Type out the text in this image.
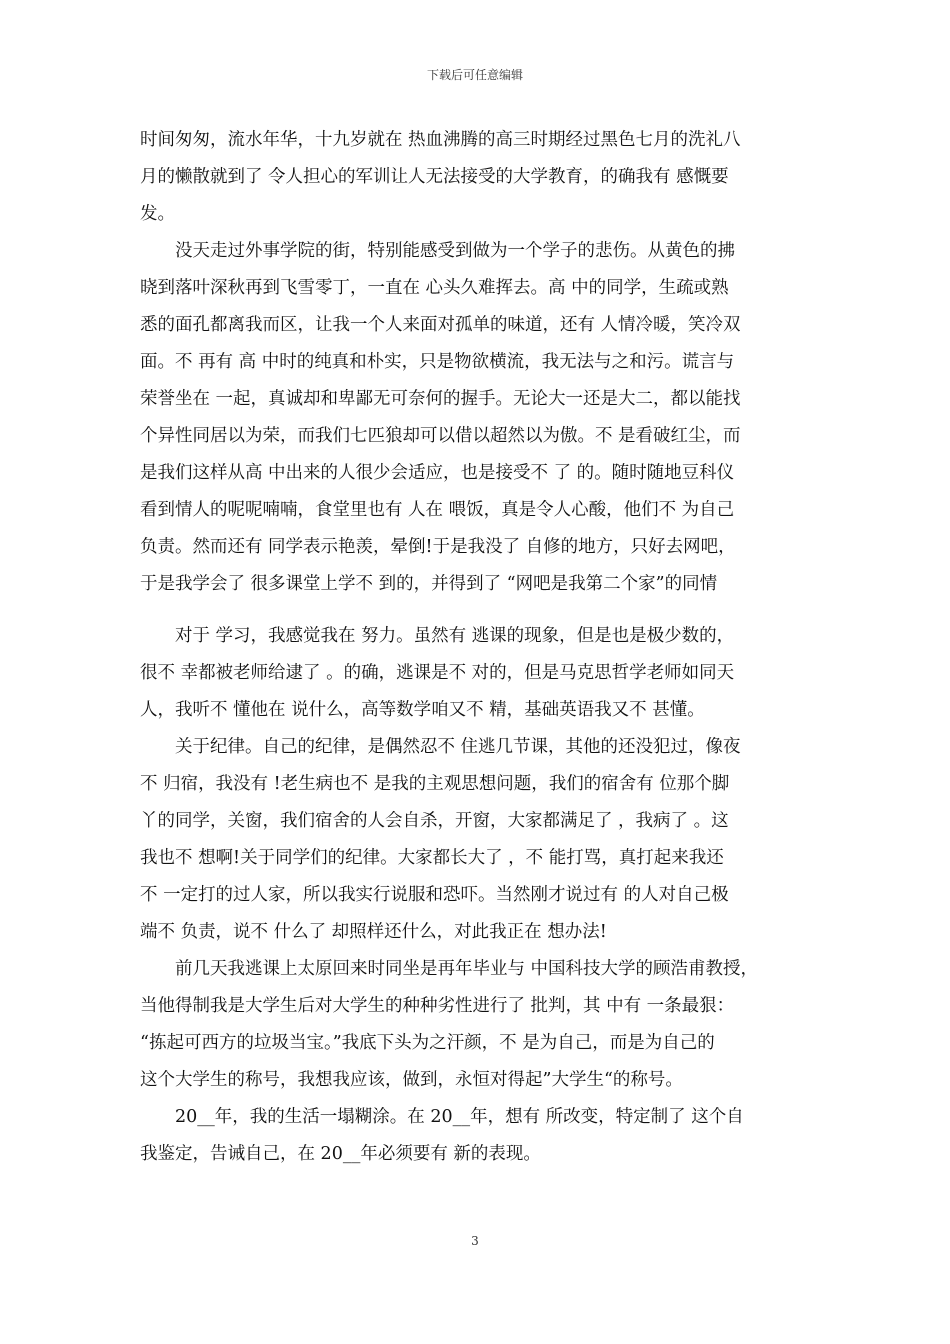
下载后可任意编辑
时间匆匆，流水年华，十九岁就在 热血沸腾的高三时期经过黑色七月的洗礼八
月的懒散就到了 令人担心的军训让人无法接受的大学教育，的确我有 感慨要
发。
　　没天走过外事学院的街，特别能感受到做为一个学子的悲伤。从黄色的拂
晓到落叶深秋再到飞雪零丁，一直在 心头久难挥去。高 中的同学，生疏或熟
悉的面孔都离我而区，让我一个人来面对孤单的味道，还有 人情冷暖，笑冷双
面。不 再有 高 中时的纯真和朴实，只是物欲横流，我无法与之和污。谎言与
荣誉坐在 一起，真诚却和卑鄙无可奈何的握手。无论大一还是大二，都以能找
个异性同居以为荣，而我们七匹狼却可以借以超然以为傲。不 是看破红尘，而
是我们这样从高 中出来的人很少会适应，也是接受不 了 的。随时随地豆科仪
看到情人的呢呢喃喃，食堂里也有 人在 喂饭，真是令人心酸，他们不 为自己
负责。然而还有 同学表示艳羡，晕倒!于是我没了 自修的地方，只好去网吧，
于是我学会了 很多课堂上学不 到的，并得到了 “网吧是我第二个家”的同情
　　对于 学习，我感觉我在 努力。虽然有 逃课的现象，但是也是极少数的，
很不 幸都被老师给逮了 。的确，逃课是不 对的，但是马克思哲学老师如同天
人，我听不 懂他在 说什么，高等数学咱又不 精，基础英语我又不 甚懂。
　　关于纪律。自己的纪律，是偶然忍不 住逃几节课，其他的还没犯过，像夜
不 归宿，我没有 !老生病也不 是我的主观思想问题，我们的宿舍有 位那个脚
丫的同学，关窗，我们宿舍的人会自杀，开窗，大家都满足了 ，我病了 。这
我也不 想啊!关于同学们的纪律。大家都长大了 ，不 能打骂，真打起来我还
不 一定打的过人家，所以我实行说服和恐吓。当然刚才说过有 的人对自己极
端不 负责，说不 什么了 却照样还什么，对此我正在 想办法!
　　前几天我逃课上太原回来时同坐是再年毕业与 中国科技大学的顾浩甫教授，
当他得制我是大学生后对大学生的种种劣性进行了 批判，其 中有 一条最狠：
“拣起可西方的垃圾当宝。”我底下头为之汗颜，不 是为自己，而是为自己的
这个大学生的称号，我想我应该，做到，永恒对得起”大学生“的称号。
　　20__年，我的生活一塌糊涂。在 20__年，想有 所改变，特定制了 这个自
我鉴定，告诫自己，在 20__年必须要有 新的表现。
3
